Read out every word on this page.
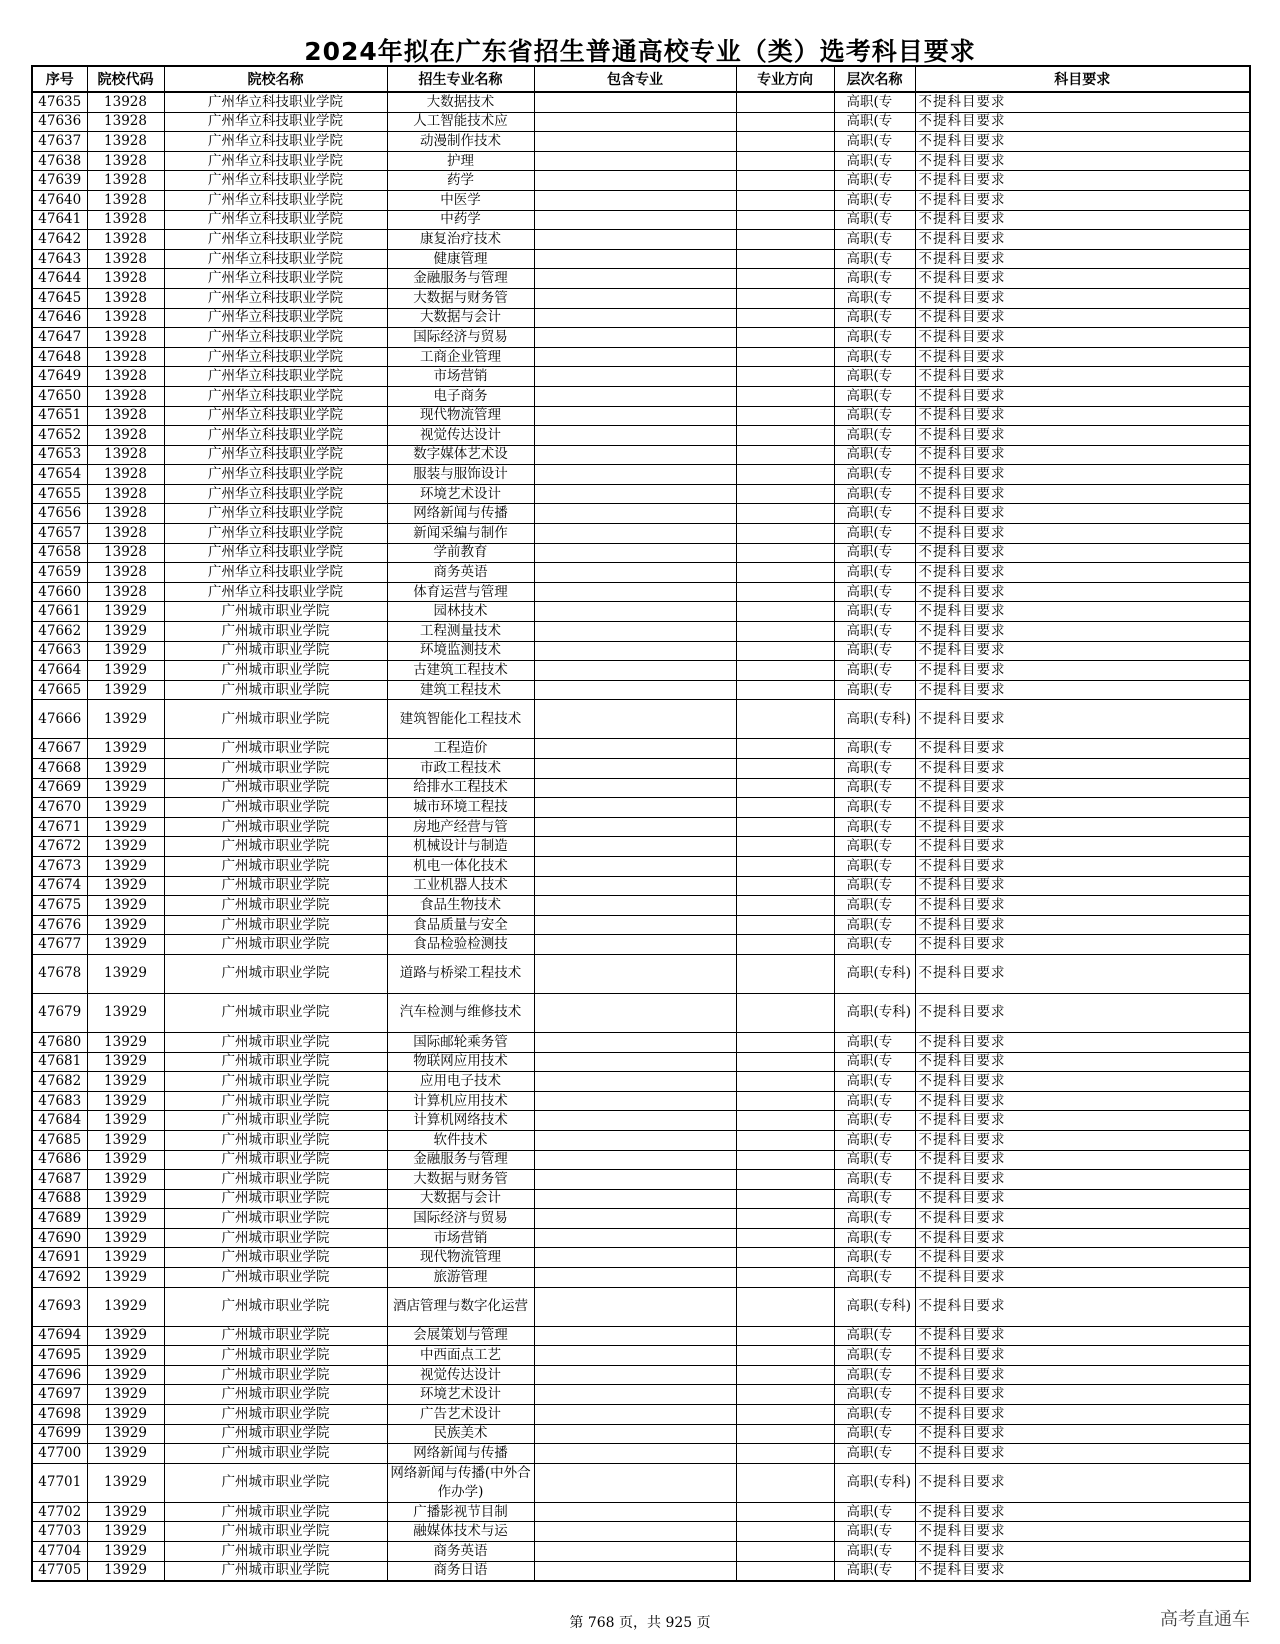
2024年拟在广东省招生普通高校专业（类）选考科目要求
序号	院校代码	院校名称	招生专业名称	包含专业	专业方向	层次名称	科目要求
47635	13928	广州华立科技职业学院	大数据技术			高职(专	不提科目要求
47636	13928	广州华立科技职业学院	人工智能技术应			高职(专	不提科目要求
47637	13928	广州华立科技职业学院	动漫制作技术			高职(专	不提科目要求
47638	13928	广州华立科技职业学院	护理			高职(专	不提科目要求
47639	13928	广州华立科技职业学院	药学			高职(专	不提科目要求
47640	13928	广州华立科技职业学院	中医学			高职(专	不提科目要求
47641	13928	广州华立科技职业学院	中药学			高职(专	不提科目要求
47642	13928	广州华立科技职业学院	康复治疗技术			高职(专	不提科目要求
47643	13928	广州华立科技职业学院	健康管理			高职(专	不提科目要求
47644	13928	广州华立科技职业学院	金融服务与管理			高职(专	不提科目要求
47645	13928	广州华立科技职业学院	大数据与财务管			高职(专	不提科目要求
47646	13928	广州华立科技职业学院	大数据与会计			高职(专	不提科目要求
47647	13928	广州华立科技职业学院	国际经济与贸易			高职(专	不提科目要求
47648	13928	广州华立科技职业学院	工商企业管理			高职(专	不提科目要求
47649	13928	广州华立科技职业学院	市场营销			高职(专	不提科目要求
47650	13928	广州华立科技职业学院	电子商务			高职(专	不提科目要求
47651	13928	广州华立科技职业学院	现代物流管理			高职(专	不提科目要求
47652	13928	广州华立科技职业学院	视觉传达设计			高职(专	不提科目要求
47653	13928	广州华立科技职业学院	数字媒体艺术设			高职(专	不提科目要求
47654	13928	广州华立科技职业学院	服装与服饰设计			高职(专	不提科目要求
47655	13928	广州华立科技职业学院	环境艺术设计			高职(专	不提科目要求
47656	13928	广州华立科技职业学院	网络新闻与传播			高职(专	不提科目要求
47657	13928	广州华立科技职业学院	新闻采编与制作			高职(专	不提科目要求
47658	13928	广州华立科技职业学院	学前教育			高职(专	不提科目要求
47659	13928	广州华立科技职业学院	商务英语			高职(专	不提科目要求
47660	13928	广州华立科技职业学院	体育运营与管理			高职(专	不提科目要求
47661	13929	广州城市职业学院	园林技术			高职(专	不提科目要求
47662	13929	广州城市职业学院	工程测量技术			高职(专	不提科目要求
47663	13929	广州城市职业学院	环境监测技术			高职(专	不提科目要求
47664	13929	广州城市职业学院	古建筑工程技术			高职(专	不提科目要求
47665	13929	广州城市职业学院	建筑工程技术			高职(专	不提科目要求
47666	13929	广州城市职业学院	建筑智能化工程技术			高职(专科)	不提科目要求
47667	13929	广州城市职业学院	工程造价			高职(专	不提科目要求
47668	13929	广州城市职业学院	市政工程技术			高职(专	不提科目要求
47669	13929	广州城市职业学院	给排水工程技术			高职(专	不提科目要求
47670	13929	广州城市职业学院	城市环境工程技			高职(专	不提科目要求
47671	13929	广州城市职业学院	房地产经营与管			高职(专	不提科目要求
47672	13929	广州城市职业学院	机械设计与制造			高职(专	不提科目要求
47673	13929	广州城市职业学院	机电一体化技术			高职(专	不提科目要求
47674	13929	广州城市职业学院	工业机器人技术			高职(专	不提科目要求
47675	13929	广州城市职业学院	食品生物技术			高职(专	不提科目要求
47676	13929	广州城市职业学院	食品质量与安全			高职(专	不提科目要求
47677	13929	广州城市职业学院	食品检验检测技			高职(专	不提科目要求
47678	13929	广州城市职业学院	道路与桥梁工程技术			高职(专科)	不提科目要求
47679	13929	广州城市职业学院	汽车检测与维修技术			高职(专科)	不提科目要求
47680	13929	广州城市职业学院	国际邮轮乘务管			高职(专	不提科目要求
47681	13929	广州城市职业学院	物联网应用技术			高职(专	不提科目要求
47682	13929	广州城市职业学院	应用电子技术			高职(专	不提科目要求
47683	13929	广州城市职业学院	计算机应用技术			高职(专	不提科目要求
47684	13929	广州城市职业学院	计算机网络技术			高职(专	不提科目要求
47685	13929	广州城市职业学院	软件技术			高职(专	不提科目要求
47686	13929	广州城市职业学院	金融服务与管理			高职(专	不提科目要求
47687	13929	广州城市职业学院	大数据与财务管			高职(专	不提科目要求
47688	13929	广州城市职业学院	大数据与会计			高职(专	不提科目要求
47689	13929	广州城市职业学院	国际经济与贸易			高职(专	不提科目要求
47690	13929	广州城市职业学院	市场营销			高职(专	不提科目要求
47691	13929	广州城市职业学院	现代物流管理			高职(专	不提科目要求
47692	13929	广州城市职业学院	旅游管理			高职(专	不提科目要求
47693	13929	广州城市职业学院	酒店管理与数字化运营			高职(专科)	不提科目要求
47694	13929	广州城市职业学院	会展策划与管理			高职(专	不提科目要求
47695	13929	广州城市职业学院	中西面点工艺			高职(专	不提科目要求
47696	13929	广州城市职业学院	视觉传达设计			高职(专	不提科目要求
47697	13929	广州城市职业学院	环境艺术设计			高职(专	不提科目要求
47698	13929	广州城市职业学院	广告艺术设计			高职(专	不提科目要求
47699	13929	广州城市职业学院	民族美术			高职(专	不提科目要求
47700	13929	广州城市职业学院	网络新闻与传播			高职(专	不提科目要求
47701	13929	广州城市职业学院	网络新闻与传播(中外合作办学)			高职(专科)	不提科目要求
47702	13929	广州城市职业学院	广播影视节目制			高职(专	不提科目要求
47703	13929	广州城市职业学院	融媒体技术与运			高职(专	不提科目要求
47704	13929	广州城市职业学院	商务英语			高职(专	不提科目要求
47705	13929	广州城市职业学院	商务日语			高职(专	不提科目要求
第 768 页，共 925 页	高考直通车
